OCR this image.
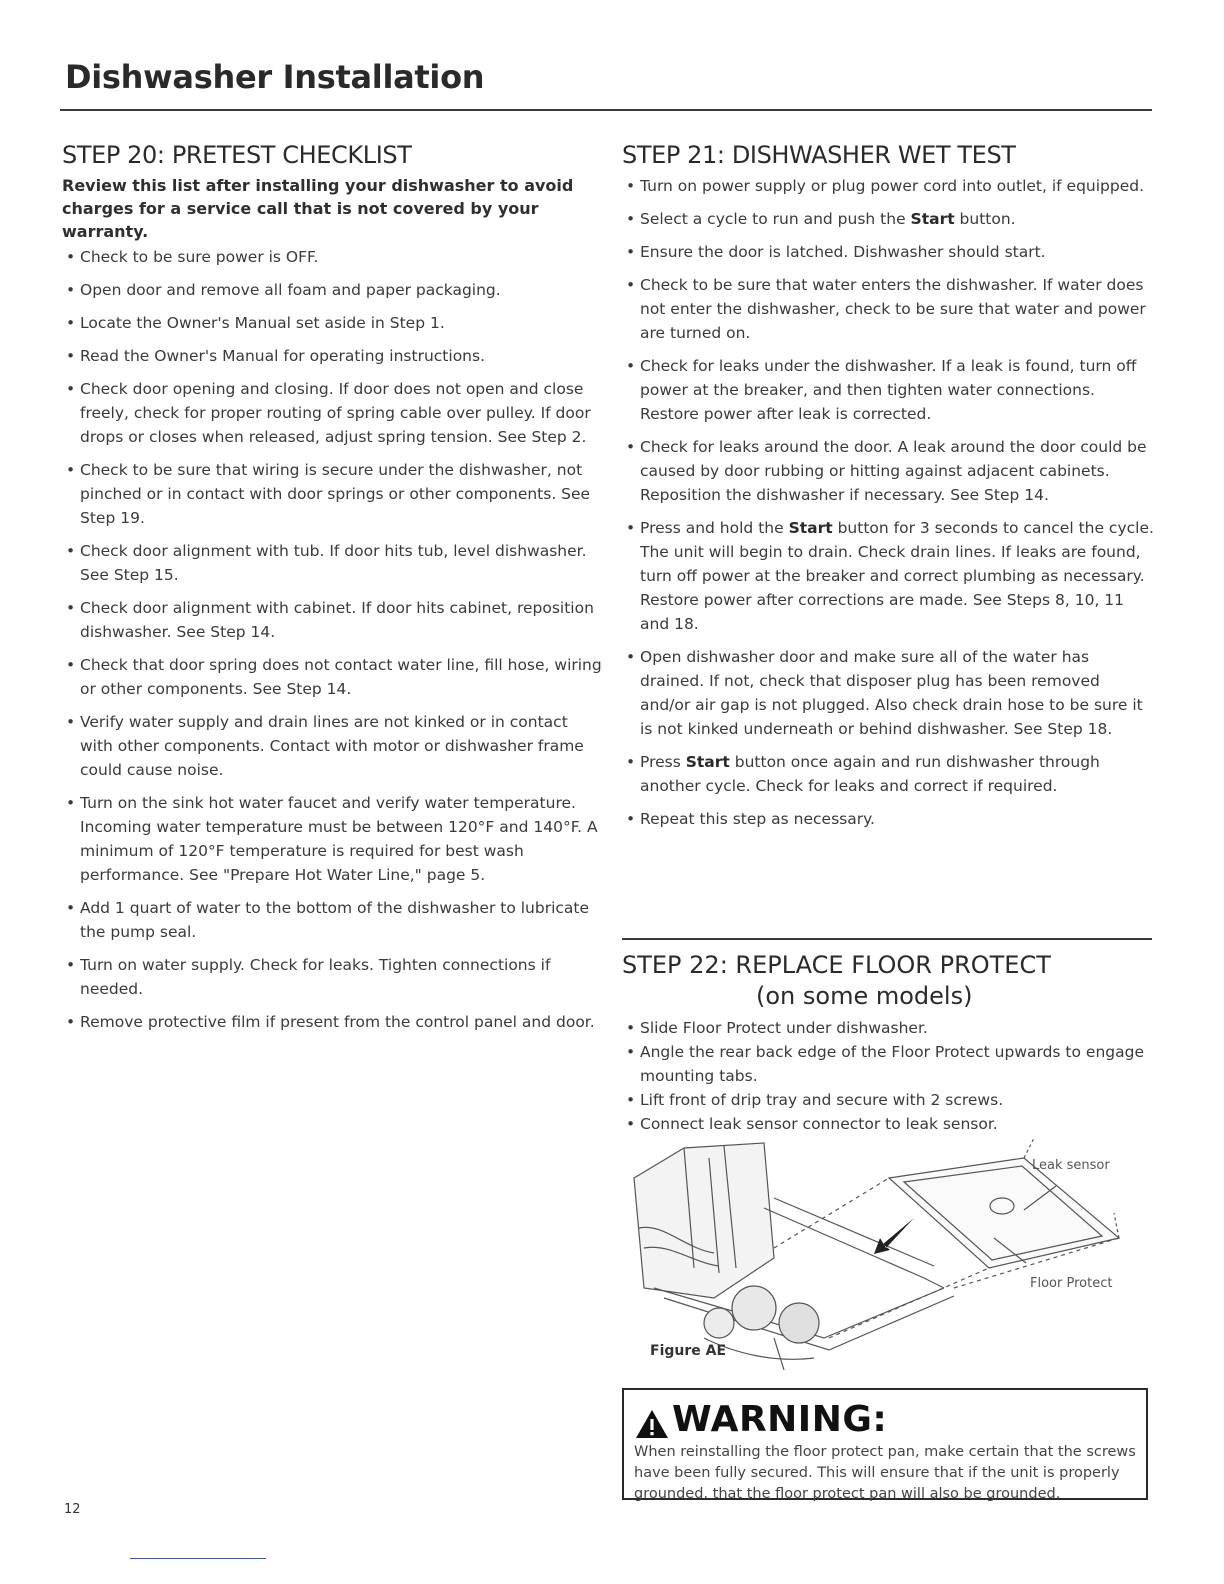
Dishwasher Installation
STEP 20: PRETEST CHECKLIST

Review this list after installing your dishwasher to avoid charges for a service call that is not covered by your warranty.

• Check to be sure power is OFF.
• Open door and remove all foam and paper packaging.
• Locate the Owner's Manual set aside in Step 1.
• Read the Owner's Manual for operating instructions.
• Check door opening and closing. If door does not open and close freely, check for proper routing of spring cable over pulley. If door drops or closes when released, adjust spring tension. See Step 2.
• Check to be sure that wiring is secure under the dishwasher, not pinched or in contact with door springs or other components. See Step 19.
• Check door alignment with tub. If door hits tub, level dishwasher. See Step 15.
• Check door alignment with cabinet. If door hits cabinet, reposition dishwasher. See Step 14.
• Check that door spring does not contact water line, fill hose, wiring or other components. See Step 14.
• Verify water supply and drain lines are not kinked or in contact with other components. Contact with motor or dishwasher frame could cause noise.
• Turn on the sink hot water faucet and verify water temperature. Incoming water temperature must be between 120°F and 140°F. A minimum of 120°F temperature is required for best wash performance. See "Prepare Hot Water Line," page 5.
• Add 1 quart of water to the bottom of the dishwasher to lubricate the pump seal.
• Turn on water supply. Check for leaks. Tighten connections if needed.
• Remove protective film if present from the control panel and door.
STEP 21: DISHWASHER WET TEST
• Turn on power supply or plug power cord into outlet, if equipped.
• Select a cycle to run and push the Start button.
• Ensure the door is latched. Dishwasher should start.
• Check to be sure that water enters the dishwasher. If water does not enter the dishwasher, check to be sure that water and power are turned on.
• Check for leaks under the dishwasher. If a leak is found, turn off power at the breaker, and then tighten water connections. Restore power after leak is corrected.
• Check for leaks around the door. A leak around the door could be caused by door rubbing or hitting against adjacent cabinets. Reposition the dishwasher if necessary. See Step 14.
• Press and hold the Start button for 3 seconds to cancel the cycle. The unit will begin to drain. Check drain lines. If leaks are found, turn off power at the breaker and correct plumbing as necessary. Restore power after corrections are made. See Steps 8, 10, 11 and 18.
• Open dishwasher door and make sure all of the water has drained. If not, check that disposer plug has been removed and/or air gap is not plugged. Also check drain hose to be sure it is not kinked underneath or behind dishwasher. See Step 18.
• Press Start button once again and run dishwasher through another cycle. Check for leaks and correct if required.
• Repeat this step as necessary.
STEP 22: REPLACE FLOOR PROTECT
(on some models)
• Slide Floor Protect under dishwasher.
• Angle the rear back edge of the Floor Protect upwards to engage mounting tabs.
• Lift front of drip tray and secure with 2 screws.
• Connect leak sensor connector to leak sensor.
Leak sensor
Floor Protect
Figure AE
WARNING:

When reinstalling the floor protect pan, make certain that the screws have been fully secured. This will ensure that if the unit is properly grounded, that the floor protect pan will also be grounded.

12
